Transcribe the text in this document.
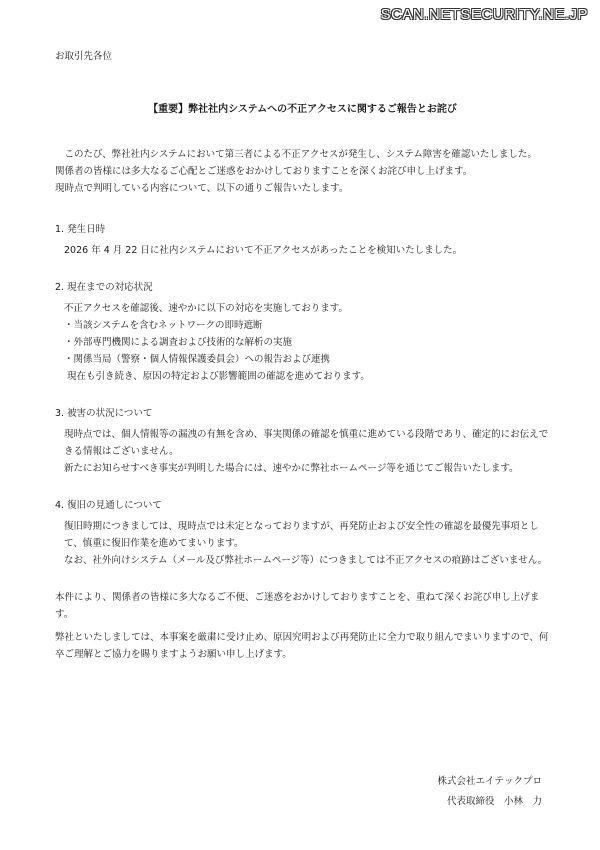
SCAN.NETSECURITY.NE.JP

お取引先各位

【重要】弊社社内システムへの不正アクセスに関するご報告とお詫び

このたび、弊社社内システムにおいて第三者による不正アクセスが発生し、システム障害を確認いたしました。

関係者の皆様には多大なるご心配とご迷惑をおかけしておりますことを深くお詫び申し上げます。

現時点で判明している内容について、以下の通りご報告いたします。

1. 発生日時

2026 年 4 月 22 日に社内システムにおいて不正アクセスがあったことを検知いたしました。

2. 現在までの対応状況

不正アクセスを確認後、速やかに以下の対応を実施しております。

・当該システムを含むネットワークの即時遮断

・外部専門機関による調査および技術的な解析の実施

・関係当局（警察・個人情報保護委員会）への報告および連携

現在も引き続き、原因の特定および影響範囲の確認を進めております。

3. 被害の状況について

現時点では、個人情報等の漏洩の有無を含め、事実関係の確認を慎重に進めている段階であり、確定的にお伝えできる情報はございません。

新たにお知らせすべき事実が判明した場合には、速やかに弊社ホームページ等を通じてご報告いたします。

4. 復旧の見通しについて

復旧時期につきましては、現時点では未定となっておりますが、再発防止および安全性の確認を最優先事項として、慎重に復旧作業を進めてまいります。

なお、社外向けシステム（メール及び弊社ホームページ等）につきましては不正アクセスの痕跡はございません。

本件により、関係者の皆様に多大なるご不便、ご迷惑をおかけしておりますことを、重ねて深くお詫び申し上げます。

弊社といたしましては、本事案を厳粛に受け止め、原因究明および再発防止に全力で取り組んでまいりますので、何卒ご理解とご協力を賜りますようお願い申し上げます。

株式会社エイテックプロ
代表取締役　小林　力
